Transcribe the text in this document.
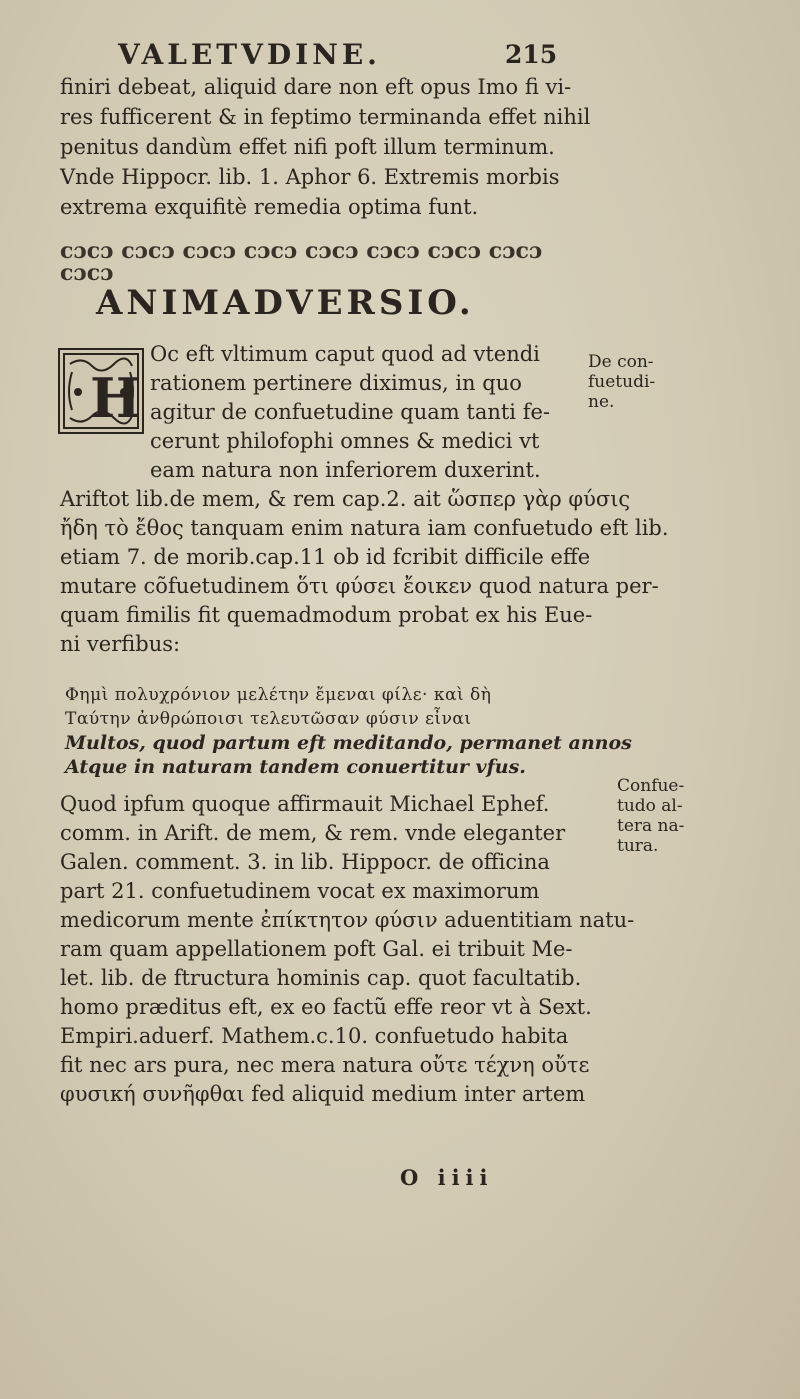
VALETVDINE.	215
finiri debeat, aliquid dare non eft opus Imo fi vi-
res fufficerent & in feptimo terminanda effet nihil
penitus dandùm effet nifi poft illum terminum.
Vnde Hippocr. lib. 1. Aphor 6. Extremis morbis
extrema exquifitè remedia optima funt.
cɔcɔ cɔcɔ cɔcɔ cɔcɔ cɔcɔ cɔcɔ cɔcɔ cɔcɔ cɔcɔ
ANIMADVERSIO.
H
Oc eft vltimum caput quod ad vtendi
rationem pertinere diximus, in quo
agitur de confuetudine quam tanti fe-
cerunt philofophi omnes & medici vt
eam natura non inferiorem duxerint.
De con-
fuetudi-
ne.
Ariftot lib.de mem, & rem cap.2. ait ὥσπερ γὰρ φύσις
ἤδη τὸ ἔθος tanquam enim natura iam confuetudo eft lib.
etiam 7. de morib.cap.11 ob id fcribit difficile effe
mutare cõfuetudinem ὅτι φύσει ἔοικεν quod natura per-
quam fimilis fit quemadmodum probat ex his Eue-
ni verfibus:
Φημὶ πολυχρόνιον μελέτην ἔμεναι φίλε· καὶ δὴ
Ταύτην ἀνθρώποισι τελευτῶσαν φύσιν εἶναι
Multos, quod partum eft meditando, permanet annos
Atque in naturam tandem conuertitur vfus.
Confue-
tudo al-
tera na-
tura.
Quod ipfum quoque affirmauit Michael Ephef.
comm. in Arift. de mem, & rem. vnde eleganter
Galen. comment. 3. in lib. Hippocr. de officina
part 21. confuetudinem vocat ex maximorum
medicorum mente ἐπίκτητον φύσιν aduentitiam natu-
ram quam appellationem poft Gal. ei tribuit Me-
let. lib. de ftructura hominis cap. quot facultatib.
homo præditus eft, ex eo factũ effe reor vt à Sext.
Empiri.aduerf. Mathem.c.10. confuetudo habita
fit nec ars pura, nec mera natura οὔτε τέχνη οὔτε
φυσική συνῆφθαι fed aliquid medium inter artem
O iiii
